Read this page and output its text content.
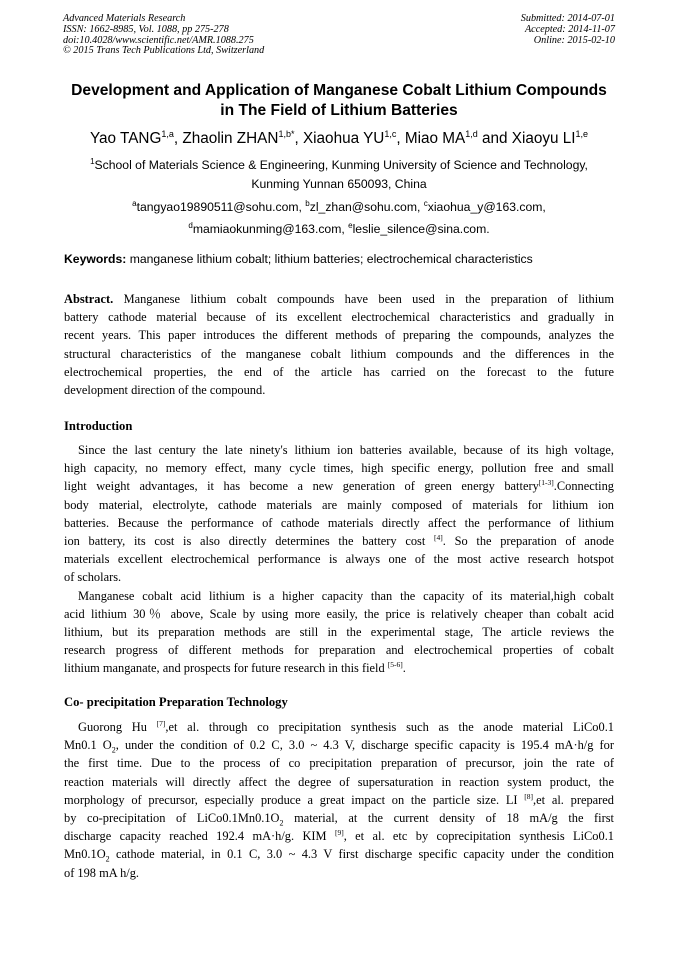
Advanced Materials Research
ISSN: 1662-8985, Vol. 1088, pp 275-278
doi:10.4028/www.scientific.net/AMR.1088.275
© 2015 Trans Tech Publications Ltd, Switzerland
Submitted: 2014-07-01
Accepted: 2014-11-07
Online: 2015-02-10
Development and Application of Manganese Cobalt Lithium Compounds
in The Field of Lithium Batteries
Yao TANG$^{1,a}$, Zhaolin $ZHAN^{1,b*}$, Xiaohua YU$^{1,c}$, Miao MA$^{1,d}$ and Xiaoyu LI$^{1,e}$
$^1$School of Materials Science & Engineering, Kunming University of Science and Technology,
Kunming Yunnan 650093, China
$^a$tangyao19890511@sohu.com, $^b$zl_zhan@sohu.com, $^c$xiaohua_y@163.com,
$^d$mamiaokunming@163.com, $^e$leslie_silence@sina.com.
Keywords: manganese lithium cobalt; lithium batteries; electrochemical characteristics
Abstract. Manganese lithium cobalt compounds have been used in the preparation of lithium
battery cathode material because of its excellent electrochemical characteristics and gradually in
recent years. This paper introduces the different methods of preparing the compounds, analyzes the
structural characteristics of the manganese cobalt lithium compounds and the differences in the
electrochemical properties, the end of the article has carried on the forecast to the future
development direction of the compound.
Introduction
Since the last century the late ninety's lithium ion batteries available, because of its high voltage,
high capacity, no memory effect, many cycle times, high specific energy, pollution free and small
light weight advantages, it has become a new generation of green energy battery[1-3].Connecting
body material, electrolyte, cathode materials are mainly composed of materials for lithium ion
batteries. Because the performance of cathode materials directly affect the performance of lithium
ion battery, its cost is also directly determines the battery cost [4]. So the preparation of anode
materials excellent electrochemical performance is always one of the most active research hotspot
of scholars.
Manganese cobalt acid lithium is a higher capacity than the capacity of its material,high cobalt
acid lithium 30％ above, Scale by using more easily, the price is relatively cheaper than cobalt acid
lithium, but its preparation methods are still in the experimental stage, The article reviews the
research progress of different methods for preparation and electrochemical properties of cobalt
lithium manganate, and prospects for future research in this field [5-6].
Co- precipitation Preparation Technology
Guorong Hu [7],et al. through co precipitation synthesis such as the anode material LiCo0.1
Mn0.1 $O_2$, under the condition of 0.2 C, 3.0 ~ 4.3 V, discharge specific capacity is 195.4 mA·h/g for
the first time. Due to the process of co precipitation preparation of precursor, join the rate of
reaction materials will directly affect the degree of supersaturation in reaction system product, the
morphology of precursor, especially produce a great impact on the particle size. LI [8],et al. prepared
by co-precipitation of $LiCo0.1Mn0.1O_2$ material, at the current density of 18 mA/g the first
discharge capacity reached 192.4 mA·h/g. KIM [9], et al. etc by coprecipitation synthesis LiCo0.1
$Mn0.1O_2$ cathode material, in 0.1 C, 3.0 ~ 4.3 V first discharge specific capacity under the condition
of 198 mA h/g.
